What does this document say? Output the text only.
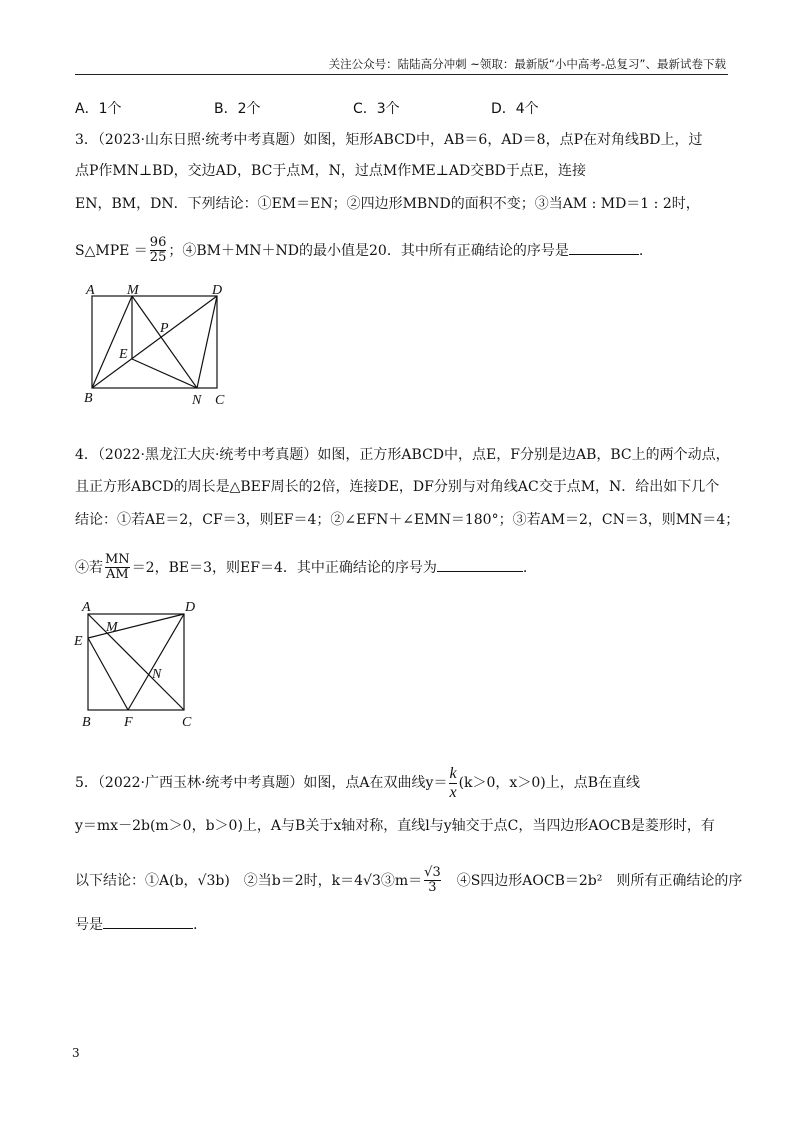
关注公众号：陆陆高分冲刺 ~领取：最新版“小中高考-总复习”、最新试卷下载
A．1个	B．2个	C．3个	D．4个
3．（2023·山东日照·统考中考真题）如图，矩形ABCD中，AB＝6，AD＝8，点P在对角线BD上，过
点P作MN⊥BD，交边AD，BC于点M，N，过点M作ME⊥AD交BD于点E，连接
EN，BM，DN．下列结论：①EM＝EN；②四边形MBND的面积不变；③当AM : MD＝1 : 2时，
S△MPE ＝ $\frac{96}{25}$ ；④BM＋MN＋ND的最小值是20．其中所有正确结论的序号是	.
A M	D
P
E
B	N C
4．（2022·黑龙江大庆·统考中考真题）如图，正方形ABCD中，点E，F分别是边AB，BC上的两个动点，
且正方形ABCD的周长是△BEF周长的2倍，连接DE，DF分别与对角线AC交于点M，N．给出如下几个
结论：①若AE＝2，CF＝3，则EF＝4；②∠EFN＋∠EMN＝180°；③若AM＝2，CN＝3，则MN＝4；
④若 $\frac{MN}{AM} =2$，BE＝3，则EF＝4．其中正确结论的序号为	.
A	D
M
E
N
B F	C
5．（2022·广西玉林·统考中考真题）如图，点A在双曲线$y= \frac{k}{x} (k>0$，x＞0)上，点B在直线
y＝mx－2b(m＞0，b＞0)上，A与B关于x轴对称，直线l与y轴交于点C，当四边形AOCB是菱形时，有
以下结论：①A(b，√3b)　②当b＝2时，k＝4√3③m＝ $\frac{√3}{3}$ 　④S四边形AOCB＝2b²　则所有正确结论的序
号是	.
3
